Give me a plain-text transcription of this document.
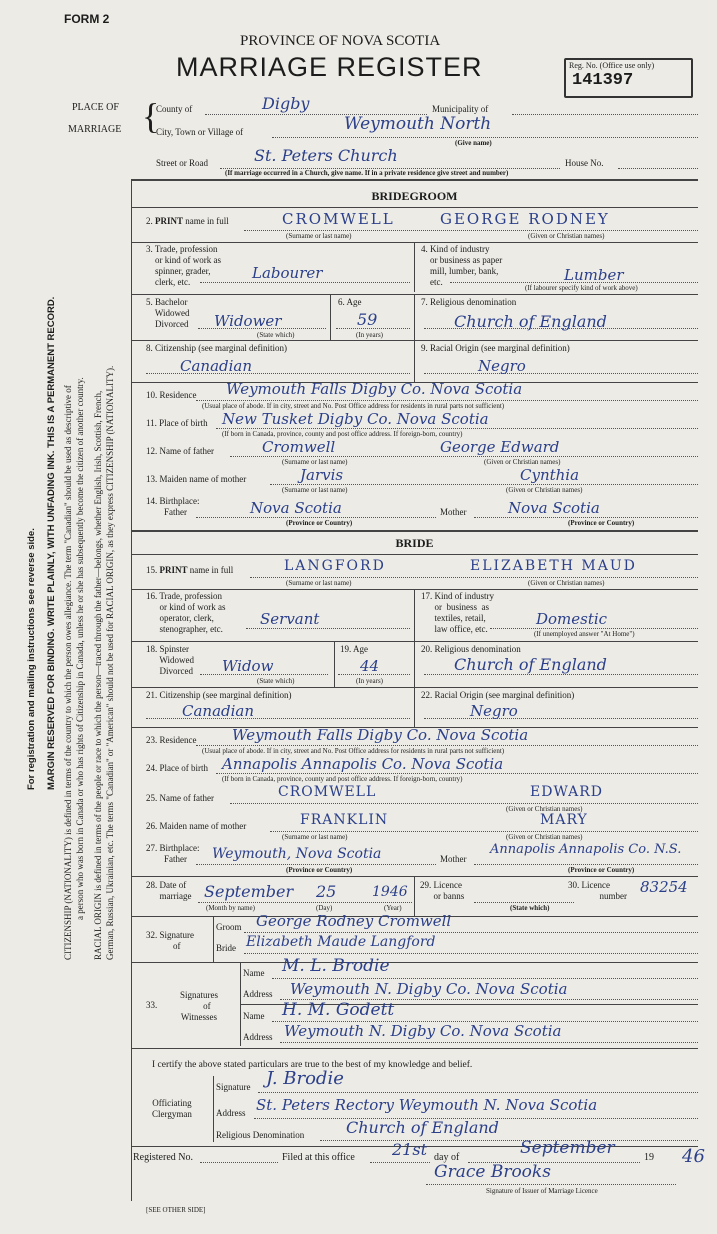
FORM 2
PROVINCE OF NOVA SCOTIA
MARRIAGE REGISTER	Reg. No. (Office use only)
141397
PLACE OF
MARRIAGE {
County of	Digby	Municipality of
City, Town or Village of	Weymouth North
(Give name)
Street or Road	St. Peters Church	House No.
(If marriage occurred in a Church, give name. If in a private residence give street and number)
For registration and mailing instructions see reverse side. MARGIN RESERVED FOR BINDING. WRITE PLAINLY, WITH UNFADING INK. THIS IS A PERMANENT RECORD. CITIZENSHIP (NATIONALITY) is defined in terms of the country to which the person owes allegiance. The term "Canadian" should be used as descriptive of a person who was born in Canada or who has rights of Citizenship in Canada, unless he or she has subsequently become the citizen of another country. RACIAL ORIGIN is defined in terms of the people or race to which the person—traced through the father—belongs, whether English, Irish, Scottish, French, German, Russian, Ukrainian, etc. The terms "Canadian" or "American" should not be used for RACIAL ORIGIN, as they express CITIZENSHIP (NATIONALITY).
BRIDEGROOM
2. PRINT name in full	CROMWELL	GEORGE RODNEY
(Surname or last name)	(Given or Christian names)
3. Trade, profession
or kind of work as
spinner, grader,
clerk, etc.	Labourer
4. Kind of industry
or business as paper
mill, lumber, bank,
etc.	Lumber
(If labourer specify kind of work above)
5. Bachelor
Widowed
Divorced Widower
(State which)
6. Age
59
(In years)
7. Religious denomination
Church of England
8. Citizenship (see marginal definition)
Canadian
9. Racial Origin (see marginal definition)
Negro
10. Residence Weymouth Falls Digby Co. Nova Scotia
(Usual place of abode. If in city, street and No. Post Office address for residents in rural parts not sufficient)
11. Place of birth New Tusket Digby Co. Nova Scotia
(If born in Canada, province, county and post office address. If foreign-born, country)
12. Name of father	Cromwell	George Edward
(Surname or last name)	(Given or Christian names)
13. Maiden name of mother	Jarvis	Cynthia
(Surname or last name)	(Given or Christian names)
14. Birthplace:
Father	Nova Scotia	Mother	Nova Scotia
(Province or Country)	(Province or Country)
BRIDE
15. PRINT name in full	LANGFORD	ELIZABETH MAUD
(Surname or last name)	(Given or Christian names)
16. Trade, profession
or kind of work as
operator, clerk,
stenographer, etc.
Servant
17. Kind of industry
or  business  as
textiles, retail,
law office, etc.
Domestic
(If unemployed answer "At Home")
18. Spinster
Widowed
Divorced Widow
(State which)
19. Age
44
(In years)
20. Religious denomination
Church of England
21. Citizenship (see marginal definition)
Canadian
22. Racial Origin (see marginal definition)
Negro
23. Residence Weymouth Falls Digby Co. Nova Scotia
(Usual place of abode. If in city, street and No. Post Office address for residents in rural parts not sufficient)
24. Place of birth Annapolis Annapolis Co. Nova Scotia
(If born in Canada, province, county and post office address. If foreign-born, country)
25. Name of father	CROMWELL	EDWARD
(Given or Christian names)
26. Maiden name of mother	FRANKLIN	MARY
(Surname or last name)	(Given or Christian names)
27. Birthplace:
Father Weymouth, Nova Scotia	Mother
Annapolis Annapolis Co. N.S.
(Province or Country)	(Province or Country)
28. Date of
marriage September 25	1946
(Month by name)	(Day)	(Year)
29. Licence
or banns
(State which)
30. Licence
number 83254
32. Signature
of
Groom George Rodney Cromwell
Bride Elizabeth Maude Langford
33.
Signatures
of
Witnesses
Name M. L. Brodie
Address Weymouth N. Digby Co. Nova Scotia
Name H. M. Godett
Address Weymouth N. Digby Co. Nova Scotia
I certify the above stated particulars are true to the best of my knowledge and belief.
Officiating
Clergyman
Signature J. Brodie
Address St. Peters Rectory Weymouth N. Nova Scotia
Religious Denomination	Church of England
Registered No.	Filed at this office 21st day of	September	19 46
Grace Brooks
Signature of Issuer of Marriage Licence
[SEE OTHER SIDE]
